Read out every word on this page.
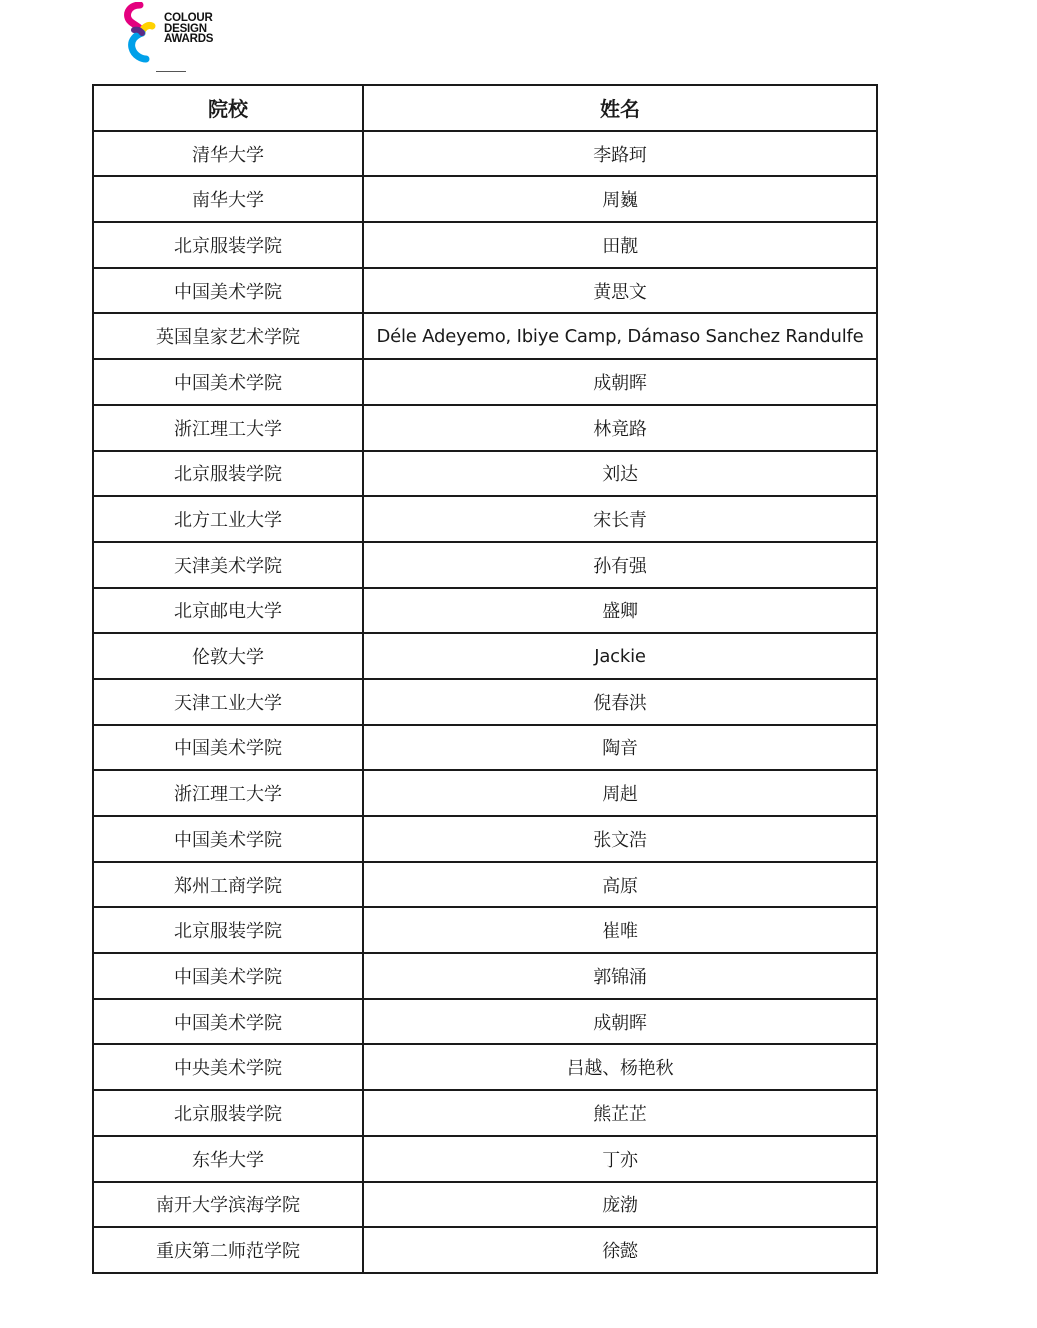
COLOUR
DESIGN
AWARDS
院校	姓名
清华大学	李路珂
南华大学	周巍
北京服装学院	田靓
中国美术学院	黄思文
英国皇家艺术学院	Déle Adeyemo, Ibiye Camp, Dámaso Sanchez Randulfe
中国美术学院	成朝晖
浙江理工大学	林竟路
北京服装学院	刘达
北方工业大学	宋长青
天津美术学院	孙有强
北京邮电大学	盛卿
伦敦大学	Jackie
天津工业大学	倪春洪
中国美术学院	陶音
浙江理工大学	周赳
中国美术学院	张文浩
郑州工商学院	高原
北京服装学院	崔唯
中国美术学院	郭锦涌
中国美术学院	成朝晖
中央美术学院	吕越、杨艳秋
北京服装学院	熊芷芷
东华大学	丁亦
南开大学滨海学院	庞渤
重庆第二师范学院	徐懿
